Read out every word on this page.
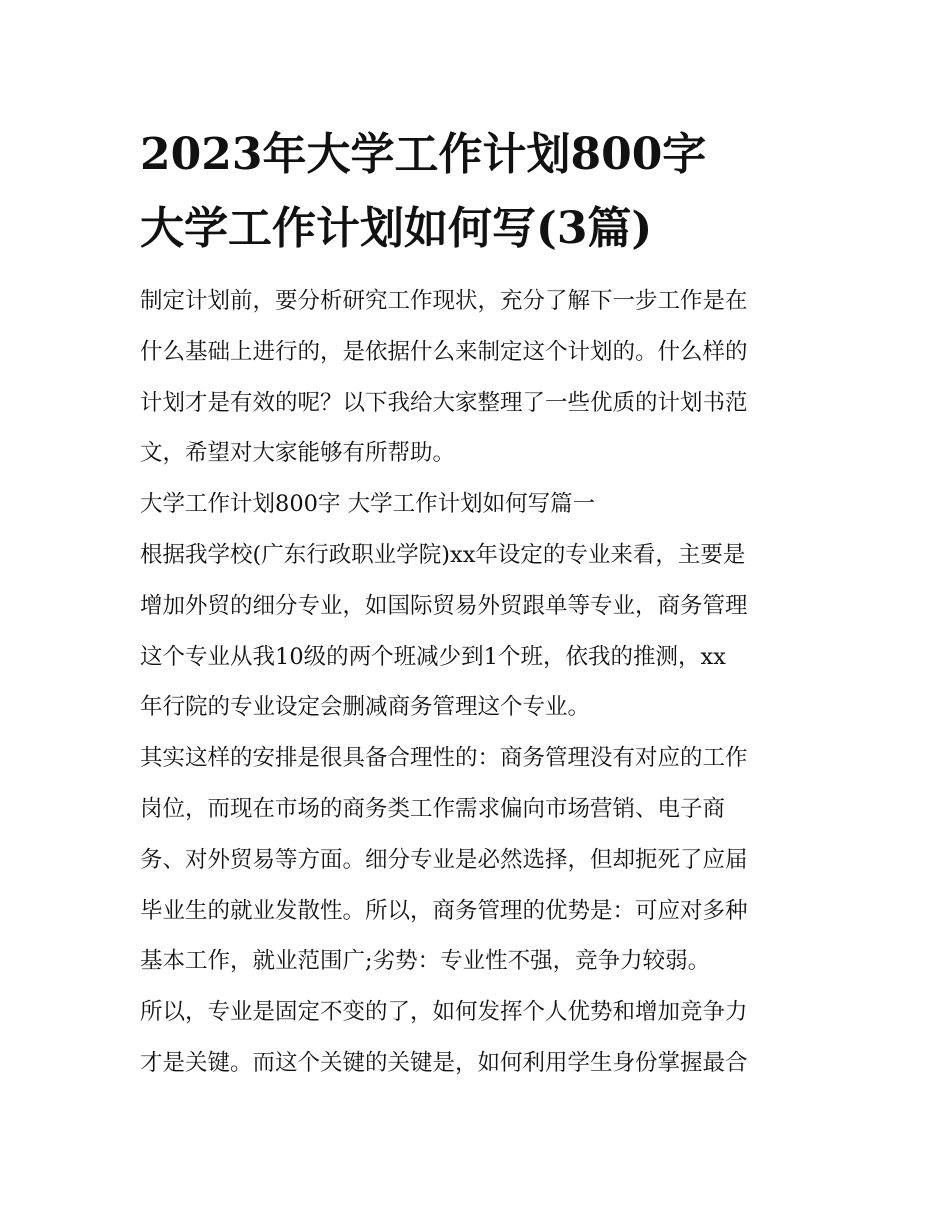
2023年大学工作计划800字
大学工作计划如何写(3篇)

制定计划前，要分析研究工作现状，充分了解下一步工作是在
什么基础上进行的，是依据什么来制定这个计划的。什么样的
计划才是有效的呢？以下我给大家整理了一些优质的计划书范
文，希望对大家能够有所帮助。

大学工作计划800字 大学工作计划如何写篇一

根据我学校(广东行政职业学院)xx年设定的专业来看，主要是
增加外贸的细分专业，如国际贸易外贸跟单等专业，商务管理
这个专业从我10级的两个班减少到1个班，依我的推测，xx
年行院的专业设定会删减商务管理这个专业。

其实这样的安排是很具备合理性的：商务管理没有对应的工作
岗位，而现在市场的商务类工作需求偏向市场营销、电子商
务、对外贸易等方面。细分专业是必然选择，但却扼死了应届
毕业生的就业发散性。所以，商务管理的优势是：可应对多种
基本工作，就业范围广;劣势：专业性不强，竞争力较弱。

所以，专业是固定不变的了，如何发挥个人优势和增加竞争力
才是关键。而这个关键的关键是，如何利用学生身份掌握最合
